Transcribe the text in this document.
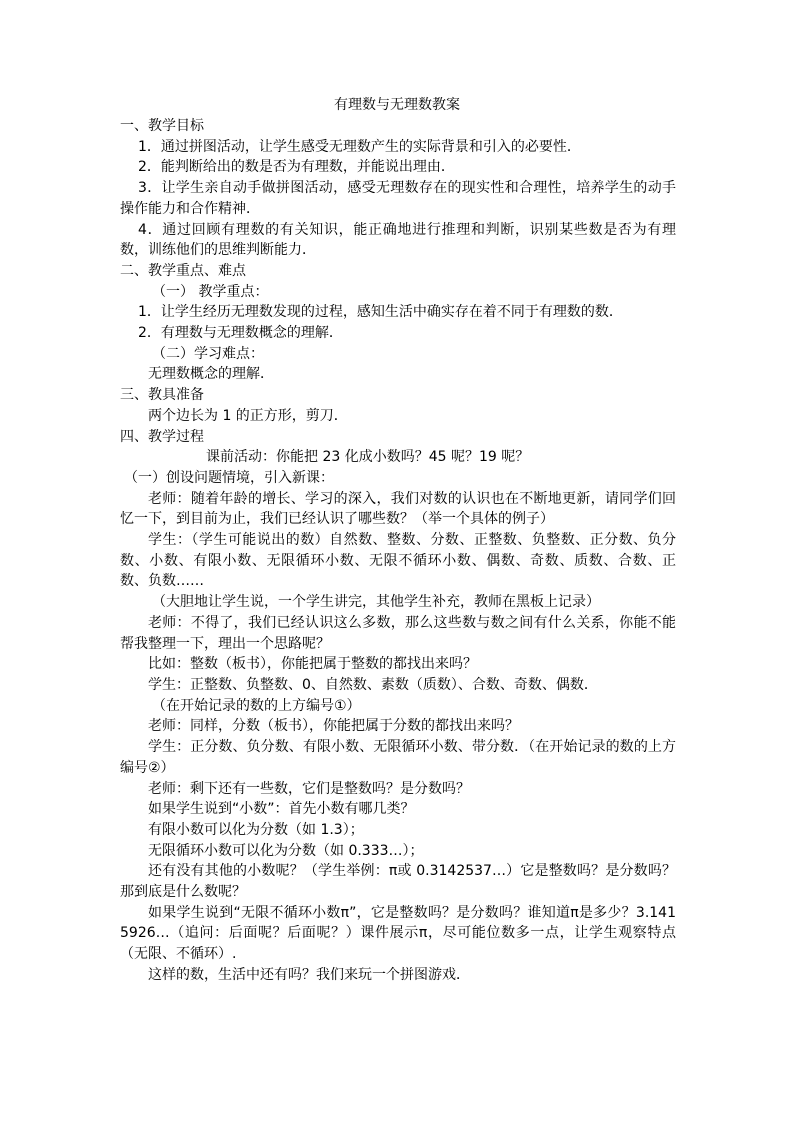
有理数与无理数教案

一、教学目标

1．通过拼图活动，让学生感受无理数产生的实际背景和引入的必要性．

2．能判断给出的数是否为有理数，并能说出理由．

3．让学生亲自动手做拼图活动，感受无理数存在的现实性和合理性，培养学生的动手操作能力和合作精神．

4．通过回顾有理数的有关知识，能正确地进行推理和判断，识别某些数是否为有理数，训练他们的思维判断能力．

二、教学重点、难点

（一） 教学重点：

1．让学生经历无理数发现的过程，感知生活中确实存在着不同于有理数的数．

2．有理数与无理数概念的理解．

（二）学习难点：

无理数概念的理解．

三、教具准备

两个边长为 1 的正方形，剪刀．

四、教学过程

课前活动：你能把 23 化成小数吗？45 呢？19 呢？

（一）创设问题情境，引入新课：

老师：随着年龄的增长、学习的深入，我们对数的认识也在不断地更新，请同学们回忆一下，到目前为止，我们已经认识了哪些数？（举一个具体的例子）

学生：（学生可能说出的数）自然数、整数、分数、正整数、负整数、正分数、负分数、小数、有限小数、无限循环小数、无限不循环小数、偶数、奇数、质数、合数、正数、负数……

（大胆地让学生说，一个学生讲完，其他学生补充，教师在黑板上记录）

老师：不得了，我们已经认识这么多数，那么这些数与数之间有什么关系，你能不能帮我整理一下，理出一个思路呢？

比如：整数（板书），你能把属于整数的都找出来吗？

学生：正整数、负整数、0、自然数、素数（质数）、合数、奇数、偶数．

（在开始记录的数的上方编号①）

老师：同样，分数（板书），你能把属于分数的都找出来吗？

学生：正分数、负分数、有限小数、无限循环小数、带分数．（在开始记录的数的上方编号②）

老师：剩下还有一些数，它们是整数吗？是分数吗？

如果学生说到“小数”：首先小数有哪几类？

有限小数可以化为分数（如 1.3）；

无限循环小数可以化为分数（如 0.333…）；

还有没有其他的小数呢？（学生举例：π或 0.3142537…）它是整数吗？是分数吗？那到底是什么数呢？

如果学生说到“无限不循环小数π”，它是整数吗？是分数吗？谁知道π是多少？3.1415926…（追问：后面呢？后面呢？）课件展示π，尽可能位数多一点，让学生观察特点（无限、不循环）.

这样的数，生活中还有吗？我们来玩一个拼图游戏．
